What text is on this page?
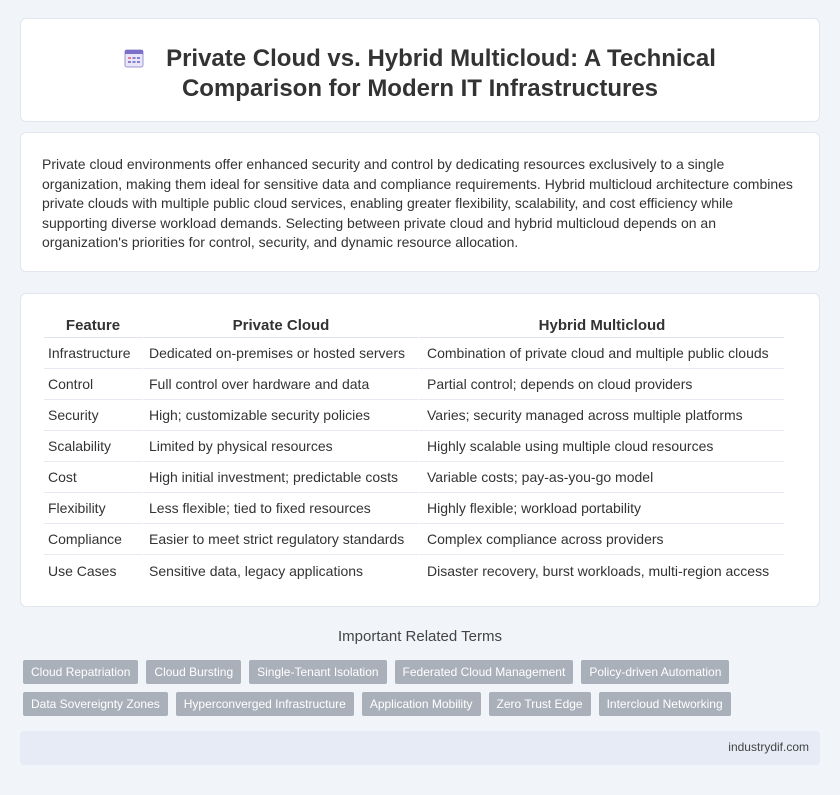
Private Cloud vs. Hybrid Multicloud: A Technical Comparison for Modern IT Infrastructures

Private cloud environments offer enhanced security and control by dedicating resources exclusively to a single organization, making them ideal for sensitive data and compliance requirements. Hybrid multicloud architecture combines private clouds with multiple public cloud services, enabling greater flexibility, scalability, and cost efficiency while supporting diverse workload demands. Selecting between private cloud and hybrid multicloud depends on an organization's priorities for control, security, and dynamic resource allocation.

Feature	Private Cloud	Hybrid Multicloud
Infrastructure	Dedicated on-premises or hosted servers	Combination of private cloud and multiple public clouds
Control	Full control over hardware and data	Partial control; depends on cloud providers
Security	High; customizable security policies	Varies; security managed across multiple platforms
Scalability	Limited by physical resources	Highly scalable using multiple cloud resources
Cost	High initial investment; predictable costs	Variable costs; pay-as-you-go model
Flexibility	Less flexible; tied to fixed resources	Highly flexible; workload portability
Compliance	Easier to meet strict regulatory standards	Complex compliance across providers
Use Cases	Sensitive data, legacy applications	Disaster recovery, burst workloads, multi-region access
Important Related Terms
Cloud Repatriation	Cloud Bursting	Single-Tenant Isolation	Federated Cloud Management	Policy-driven Automation
Data Sovereignty Zones	Hyperconverged Infrastructure	Application Mobility	Zero Trust Edge	Intercloud Networking
industrydif.com
